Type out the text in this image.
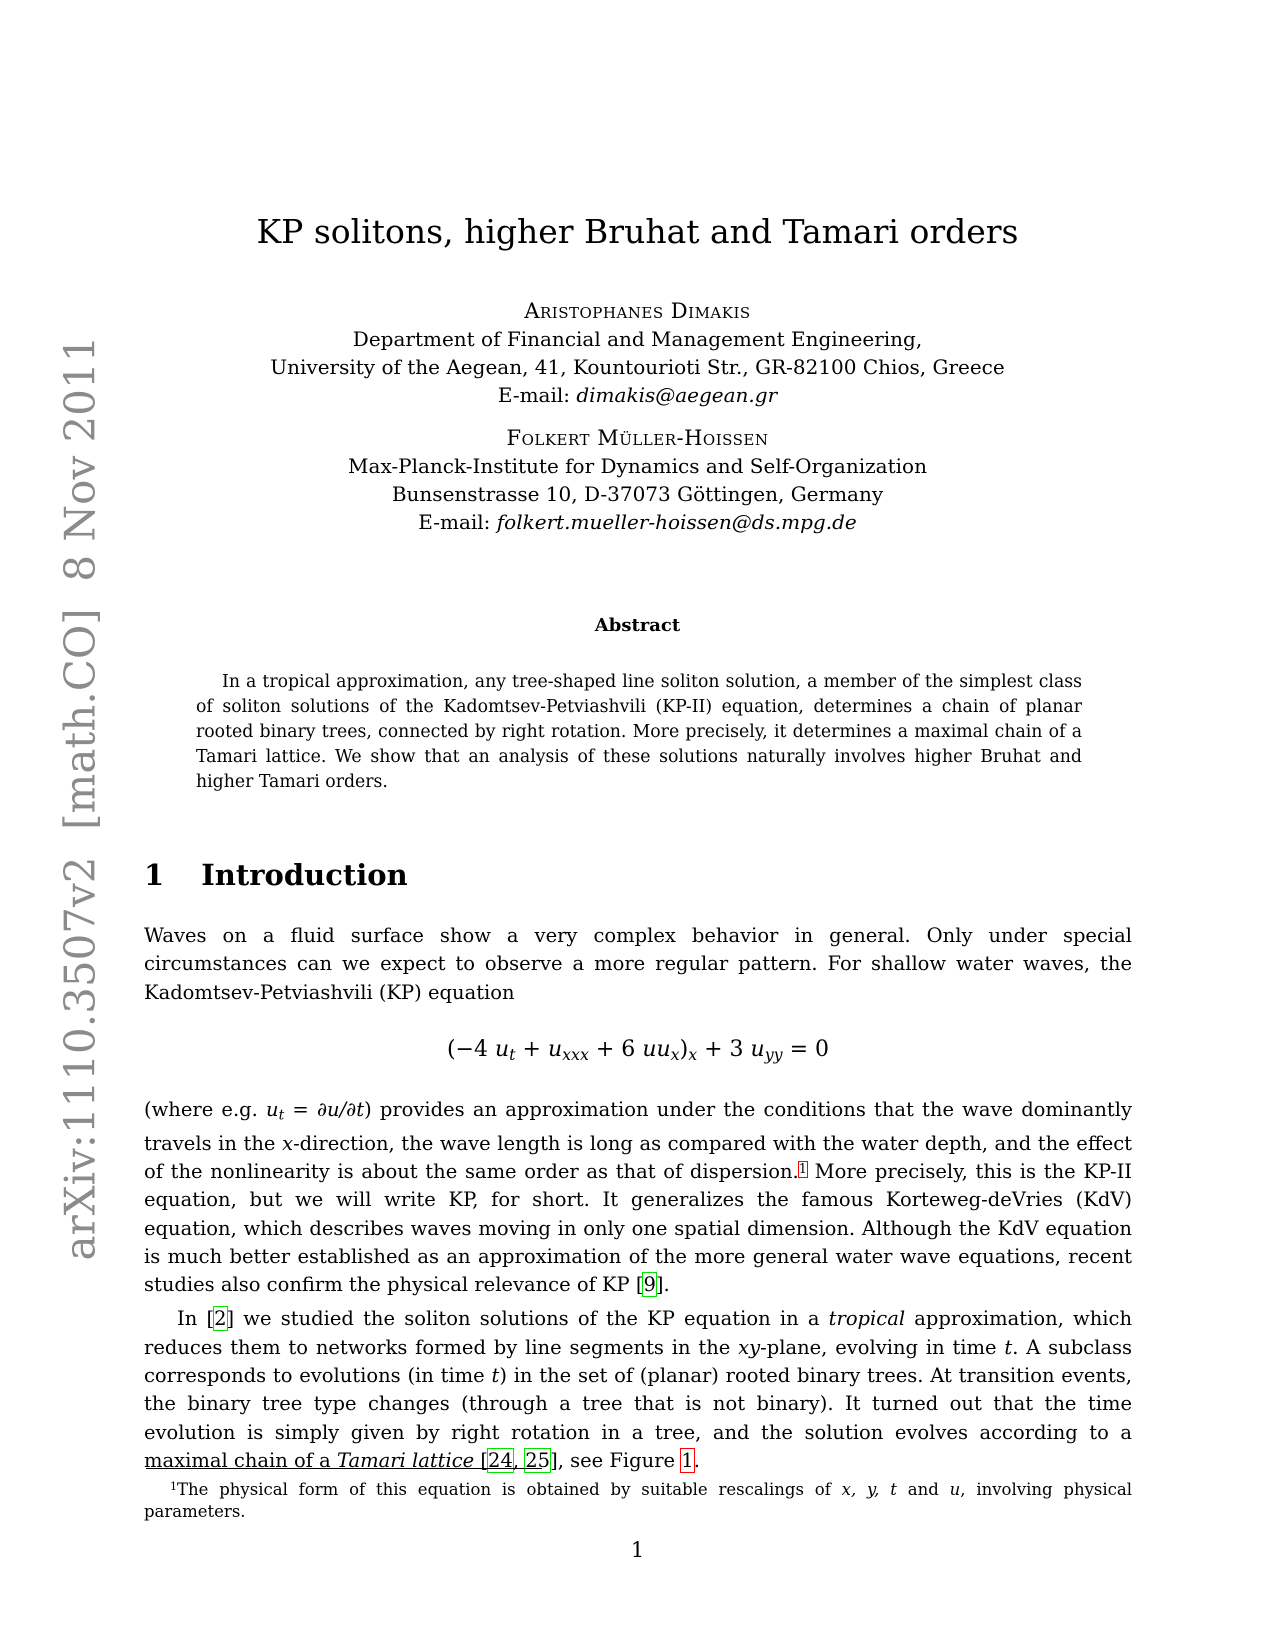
arXiv:1110.3507v2  [math.CO]  8 Nov 2011
KP solitons, higher Bruhat and Tamari orders
Aristophanes Dimakis
Department of Financial and Management Engineering,
University of the Aegean, 41, Kountourioti Str., GR-82100 Chios, Greece
E-mail: dimakis@aegean.gr
Folkert Müller-Hoissen
Max-Planck-Institute for Dynamics and Self-Organization
Bunsenstrasse 10, D-37073 Göttingen, Germany
E-mail: folkert.mueller-hoissen@ds.mpg.de
Abstract
In a tropical approximation, any tree-shaped line soliton solution, a member of the simplest class of soliton solutions of the Kadomtsev-Petviashvili (KP-II) equation, determines a chain of planar rooted binary trees, connected by right rotation. More precisely, it determines a maximal chain of a Tamari lattice. We show that an analysis of these solutions naturally involves higher Bruhat and higher Tamari orders.
1 Introduction

Waves on a fluid surface show a very complex behavior in general. Only under special circumstances can we expect to observe a more regular pattern. For shallow water waves, the Kadomtsev-Petviashvili (KP) equation

(−4 ut + uxxx + 6 uux)x + 3 uyy = 0

(where e.g. ut = ∂u/∂t) provides an approximation under the conditions that the wave dominantly travels in the x-direction, the wave length is long as compared with the water depth, and the effect of the nonlinearity is about the same order as that of dispersion.$^1$ More precisely, this is the KP-II equation, but we will write KP, for short. It generalizes the famous Korteweg-deVries (KdV) equation, which describes waves moving in only one spatial dimension. Although the KdV equation is much better established as an approximation of the more general water wave equations, recent studies also confirm the physical relevance of KP [9].

In [2] we studied the soliton solutions of the KP equation in a tropical approximation, which reduces them to networks formed by line segments in the xy-plane, evolving in time t. A subclass corresponds to evolutions (in time t) in the set of (planar) rooted binary trees. At transition events, the binary tree type changes (through a tree that is not binary). It turned out that the time evolution is simply given by right rotation in a tree, and the solution evolves according to a maximal chain of a Tamari lattice [24, 25], see Figure 1.

$^1$The physical form of this equation is obtained by suitable rescalings of x, y, t and u, involving physical parameters.

1
